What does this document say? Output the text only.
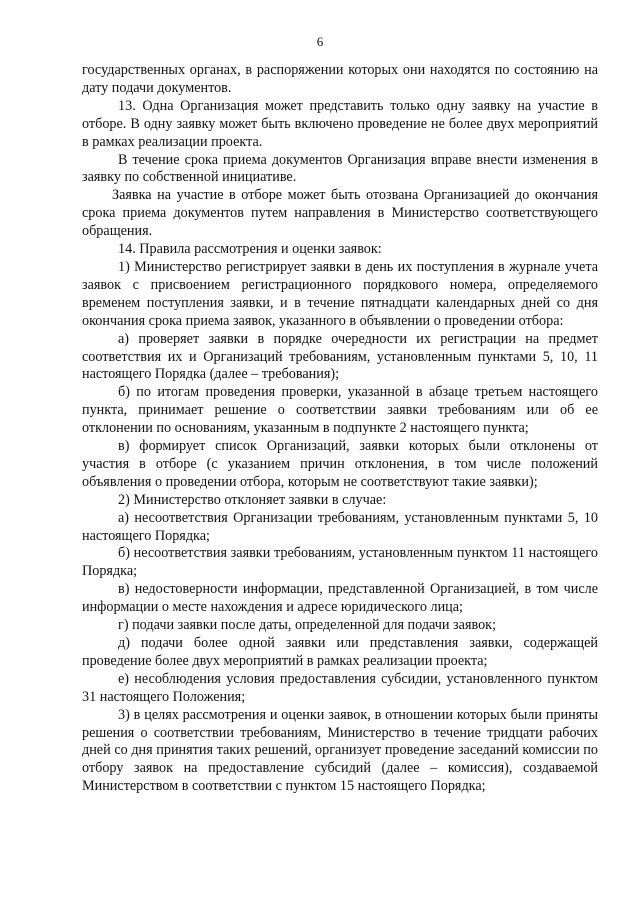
6

государственных органах, в распоряжении которых они находятся по состоянию на дату подачи документов.

13. Одна Организация может представить только одну заявку на участие в отборе. В одну заявку может быть включено проведение не более двух мероприятий в рамках реализации проекта.

В течение срока приема документов Организация вправе внести изменения в заявку по собственной инициативе.

Заявка на участие в отборе может быть отозвана Организацией до окончания срока приема документов путем направления в Министерство соответствующего обращения.

14. Правила рассмотрения и оценки заявок:

1) Министерство регистрирует заявки в день их поступления в журнале учета заявок с присвоением регистрационного порядкового номера, определяемого временем поступления заявки, и в течение пятнадцати календарных дней со дня окончания срока приема заявок, указанного в объявлении о проведении отбора:

а) проверяет заявки в порядке очередности их регистрации на предмет соответствия их и Организаций требованиям, установленным пунктами 5, 10, 11 настоящего Порядка (далее – требования);

б) по итогам проведения проверки, указанной в абзаце третьем настоящего пункта, принимает решение о соответствии заявки требованиям или об ее отклонении по основаниям, указанным в подпункте 2 настоящего пункта;

в) формирует список Организаций, заявки которых были отклонены от участия в отборе (с указанием причин отклонения, в том числе положений объявления о проведении отбора, которым не соответствуют такие заявки);

2) Министерство отклоняет заявки в случае:

а) несоответствия Организации требованиям, установленным пунктами 5, 10 настоящего Порядка;

б) несоответствия заявки требованиям, установленным пунктом 11 настоящего Порядка;

в) недостоверности информации, представленной Организацией, в том числе информации о месте нахождения и адресе юридического лица;

г) подачи заявки после даты, определенной для подачи заявок;

д) подачи более одной заявки или представления заявки, содержащей проведение более двух мероприятий в рамках реализации проекта;

е) несоблюдения условия предоставления субсидии, установленного пунктом 31 настоящего Положения;

3) в целях рассмотрения и оценки заявок, в отношении которых были приняты решения о соответствии требованиям, Министерство в течение тридцати рабочих дней со дня принятия таких решений, организует проведение заседаний комиссии по отбору заявок на предоставление субсидий (далее – комиссия), создаваемой Министерством в соответствии с пунктом 15 настоящего Порядка;
